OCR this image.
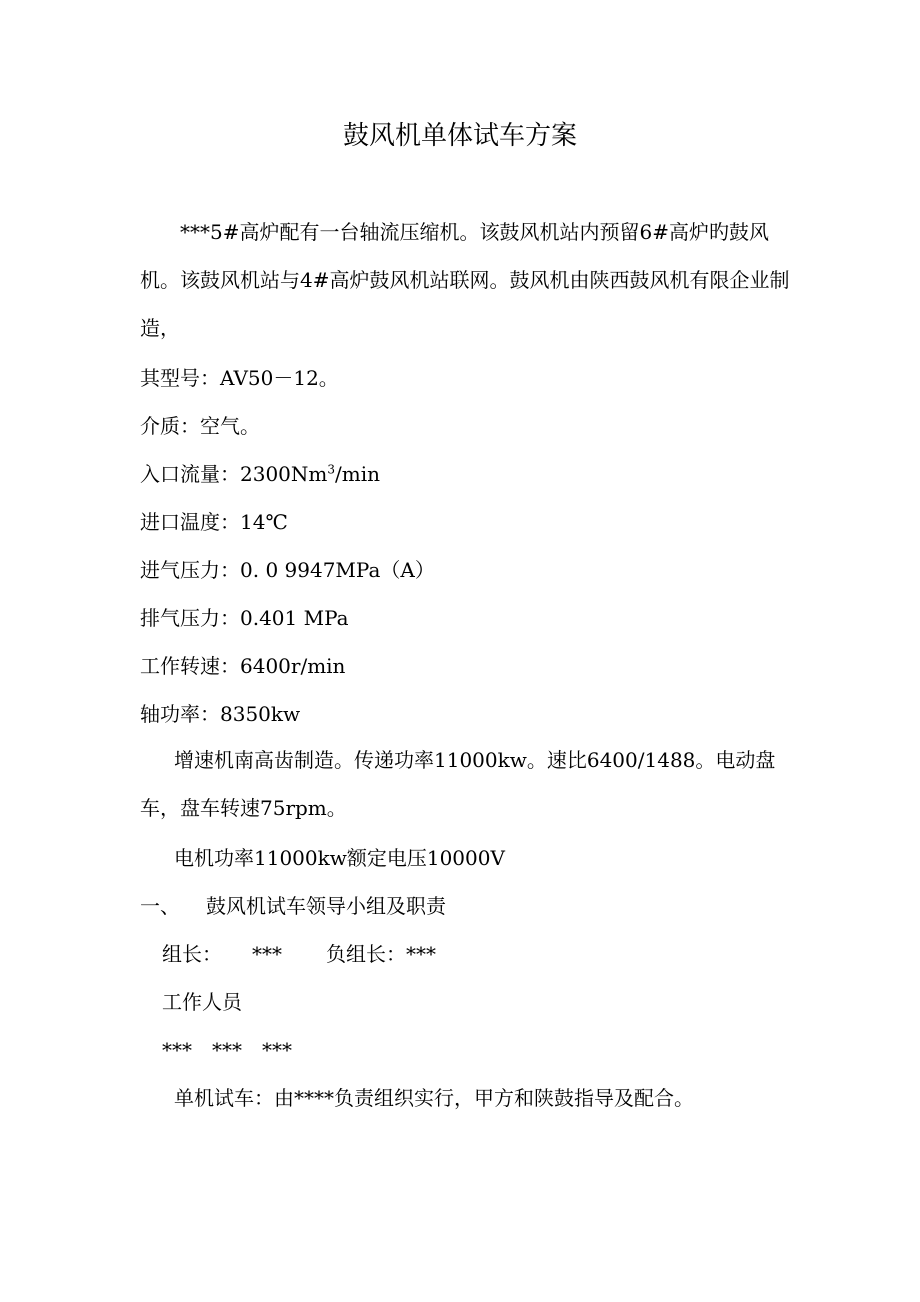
鼓风机单体试车方案
***5#高炉配有一台轴流压缩机。该鼓风机站内预留6#高炉旳鼓风机。该鼓风机站与4#高炉鼓风机站联网。鼓风机由陕西鼓风机有限企业制造，
其型号：AV50－12。
介质：空气。
入口流量：2300Nm$^3$/min
进口温度：14℃
进气压力：0. 0 9947MPa（A）
排气压力：0.401 MPa
工作转速：6400r/min
轴功率：8350kw
增速机南高齿制造。传递功率11000kw。速比6400/1488。电动盘车，盘车转速75rpm。
电机功率11000kw额定电压10000V
一、 鼓风机试车领导小组及职责
组长： *** 负组长：***
工作人员
*** *** ***
单机试车：由****负责组织实行，甲方和陕鼓指导及配合。
